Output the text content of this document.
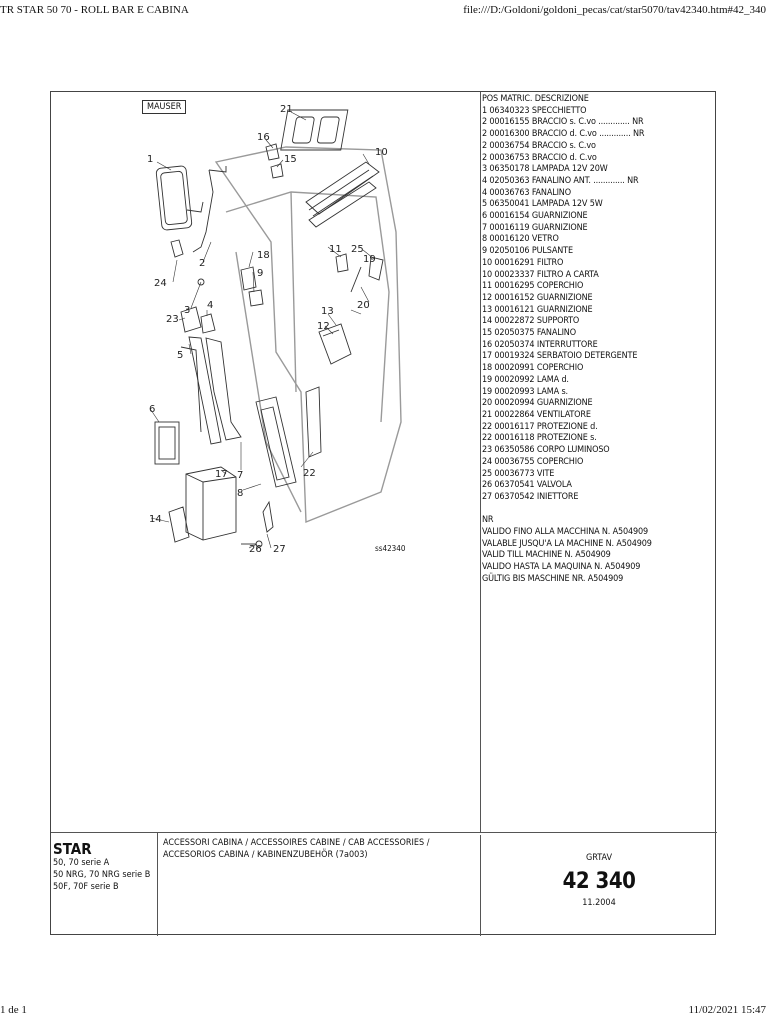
TR STAR 50 70 - ROLL BAR E CABINA	file:///D:/Goldoni/goldoni_pecas/cat/star5070/tav42340.htm#42_340
21
16
15
10
1
2
24
3
18
9
11 25
19
20
23
4
5
13
12
6
22
17 7
8
14
26 27
MAUSER
ss42340
POS MATRIC. DESCRIZIONE
1 06340323 SPECCHIETTO
2 00016155 BRACCIO s. C.vo ............. NR
2 00016300 BRACCIO d. C.vo ............. NR
2 00036754 BRACCIO s. C.vo
2 00036753 BRACCIO d. C.vo
3 06350178 LAMPADA 12V 20W
4 02050363 FANALINO ANT. ............. NR
4 00036763 FANALINO
5 06350041 LAMPADA 12V 5W
6 00016154 GUARNIZIONE
7 00016119 GUARNIZIONE
8 00016120 VETRO
9 02050106 PULSANTE
10 00016291 FILTRO
10 00023337 FILTRO A CARTA
11 00016295 COPERCHIO
12 00016152 GUARNIZIONE
13 00016121 GUARNIZIONE
14 00022872 SUPPORTO
15 02050375 FANALINO
16 02050374 INTERRUTTORE
17 00019324 SERBATOIO DETERGENTE
18 00020991 COPERCHIO
19 00020992 LAMA d.
19 00020993 LAMA s.
20 00020994 GUARNIZIONE
21 00022864 VENTILATORE
22 00016117 PROTEZIONE d.
22 00016118 PROTEZIONE s.
23 06350586 CORPO LUMINOSO
24 00036755 COPERCHIO
25 00036773 VITE
26 06370541 VALVOLA
27 06370542 INIETTORE
NR
VALIDO FINO ALLA MACCHINA N. A504909
VALABLE JUSQU'A LA MACHINE N. A504909
VALID TILL MACHINE N. A504909
VALIDO HASTA LA MAQUINA N. A504909
GÜLTIG BIS MASCHINE NR. A504909
STAR
50, 70 serie A
50 NRG, 70 NRG serie B
50F, 70F serie B
ACCESSORI CABINA / ACCESSOIRES CABINE / CAB ACCESSORIES / ACCESORIOS CABINA / KABINENZUBEHÖR (7a003)	GRTAV
42 340
11.2004
1 de 1	11/02/2021 15:47
